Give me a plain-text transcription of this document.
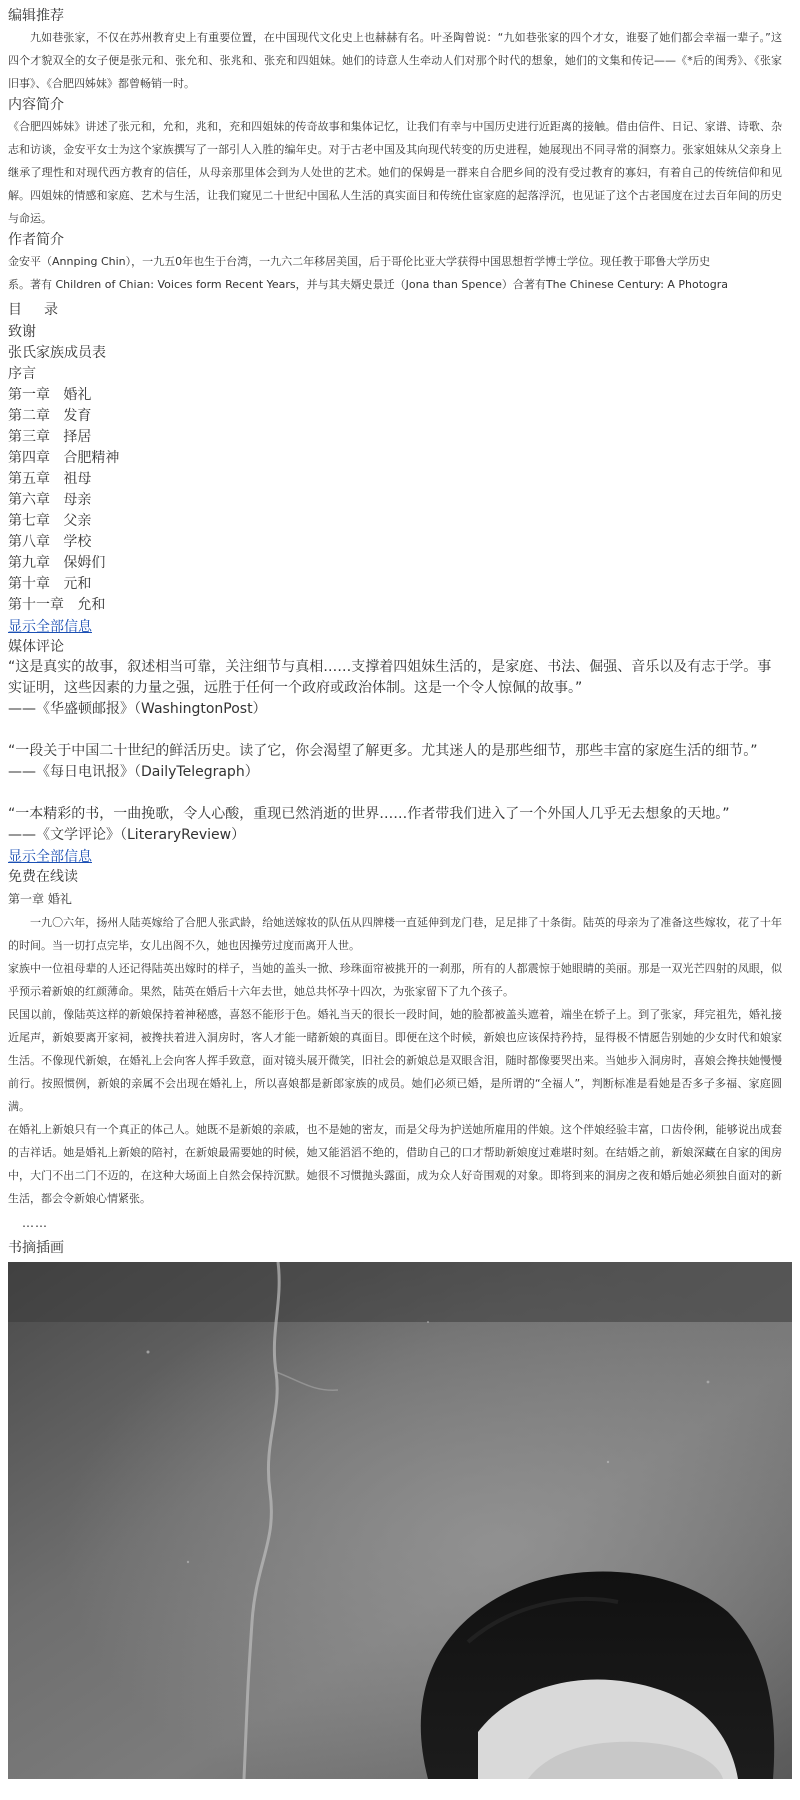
编辑推荐

九如巷张家，不仅在苏州教育史上有重要位置，在中国现代文化史上也赫赫有名。叶圣陶曾说：“九如巷张家的四个才女，谁娶了她们都会幸福一辈子。”这四个才貌双全的女子便是张元和、张允和、张兆和、张充和四姐妹。她们的诗意人生牵动人们对那个时代的想象，她们的文集和传记——《*后的闺秀》、《张家旧事》、《合肥四姊妹》都曾畅销一时。

内容简介

《合肥四姊妹》讲述了张元和，允和，兆和，充和四姐妹的传奇故事和集体记忆，让我们有幸与中国历史进行近距离的接触。借由信件、日记、家谱、诗歌、杂志和访谈，金安平女士为这个家族撰写了一部引人入胜的编年史。对于古老中国及其向现代转变的历史进程，她展现出不同寻常的洞察力。张家姐妹从父亲身上继承了理性和对现代西方教育的信任，从母亲那里体会到为人处世的艺术。她们的保姆是一群来自合肥乡间的没有受过教育的寡妇，有着自己的传统信仰和见解。四姐妹的情感和家庭、艺术与生活，让我们窥见二十世纪中国私人生活的真实面目和传统仕宦家庭的起落浮沉，也见证了这个古老国度在过去百年间的历史与命运。

作者简介

金安平（Annping Chin），一九五0年也生于台湾，一九六二年移居美国，后于哥伦比亚大学获得中国思想哲学博士学位。现任教于耶鲁大学历史

系。著有 Children of Chian: Voices form Recent Years，并与其夫婿史景迁（Jona than Spence）合著有The Chinese Century: A Photogra

目录
致谢
张氏家族成员表
序言
第一章   婚礼
第二章   发育
第三章   择居
第四章   合肥精神
第五章   祖母
第六章   母亲
第七章   父亲
第八章   学校
第九章   保姆们
第十章   元和
第十一章   允和
显示全部信息
媒体评论

“这是真实的故事，叙述相当可靠，关注细节与真相……支撑着四姐妹生活的，是家庭、书法、倔强、音乐以及有志于学。事实证明，这些因素的力量之强，远胜于任何一个政府或政治体制。这是一个令人惊佩的故事。”

——《华盛顿邮报》（WashingtonPost）

“一段关于中国二十世纪的鲜活历史。读了它，你会渴望了解更多。尤其迷人的是那些细节，那些丰富的家庭生活的细节。”

——《每日电讯报》（DailyTelegraph）

“一本精彩的书，一曲挽歌，令人心酸，重现已然消逝的世界……作者带我们进入了一个外国人几乎无去想象的天地。”

——《文学评论》（LiteraryReview）

显示全部信息
免费在线读
第一章 婚礼

一九〇六年，扬州人陆英嫁给了合肥人张武龄，给她送嫁妆的队伍从四牌楼一直延伸到龙门巷，足足排了十条街。陆英的母亲为了准备这些嫁妆，花了十年的时间。当一切打点完毕，女儿出阁不久，她也因操劳过度而离开人世。

家族中一位祖母辈的人还记得陆英出嫁时的样子，当她的盖头一掀、珍珠面帘被挑开的一刹那，所有的人都震惊于她眼睛的美丽。那是一双光芒四射的凤眼，似乎预示着新娘的红颜薄命。果然，陆英在婚后十六年去世，她总共怀孕十四次，为张家留下了九个孩子。

民国以前，像陆英这样的新娘保持着神秘感，喜怒不能形于色。婚礼当天的很长一段时间，她的脸都被盖头遮着，端坐在轿子上。到了张家，拜完祖先，婚礼接近尾声，新娘要离开家祠，被搀扶着进入洞房时，客人才能一睹新娘的真面目。即便在这个时候，新娘也应该保持矜持，显得极不情愿告别她的少女时代和娘家生活。不像现代新娘，在婚礼上会向客人挥手致意，面对镜头展开微笑，旧社会的新娘总是双眼含泪，随时都像要哭出来。当她步入洞房时，喜娘会搀扶她慢慢前行。按照惯例，新娘的亲属不会出现在婚礼上，所以喜娘都是新郎家族的成员。她们必须已婚，是所谓的“全福人”，判断标准是看她是否多子多福、家庭圆满。

在婚礼上新娘只有一个真正的体己人。她既不是新娘的亲戚，也不是她的密友，而是父母为护送她所雇用的伴娘。这个伴娘经验丰富，口齿伶俐，能够说出成套的吉祥话。她是婚礼上新娘的陪衬，在新娘最需要她的时候，她又能滔滔不绝的，借助自己的口才帮助新娘度过难堪时刻。在结婚之前，新娘深藏在自家的闺房中，大门不出二门不迈的，在这种大场面上自然会保持沉默。她很不习惯抛头露面，成为众人好奇围观的对象。即将到来的洞房之夜和婚后她必须独自面对的新生活，都会令新娘心情紧张。

……
书摘插画
